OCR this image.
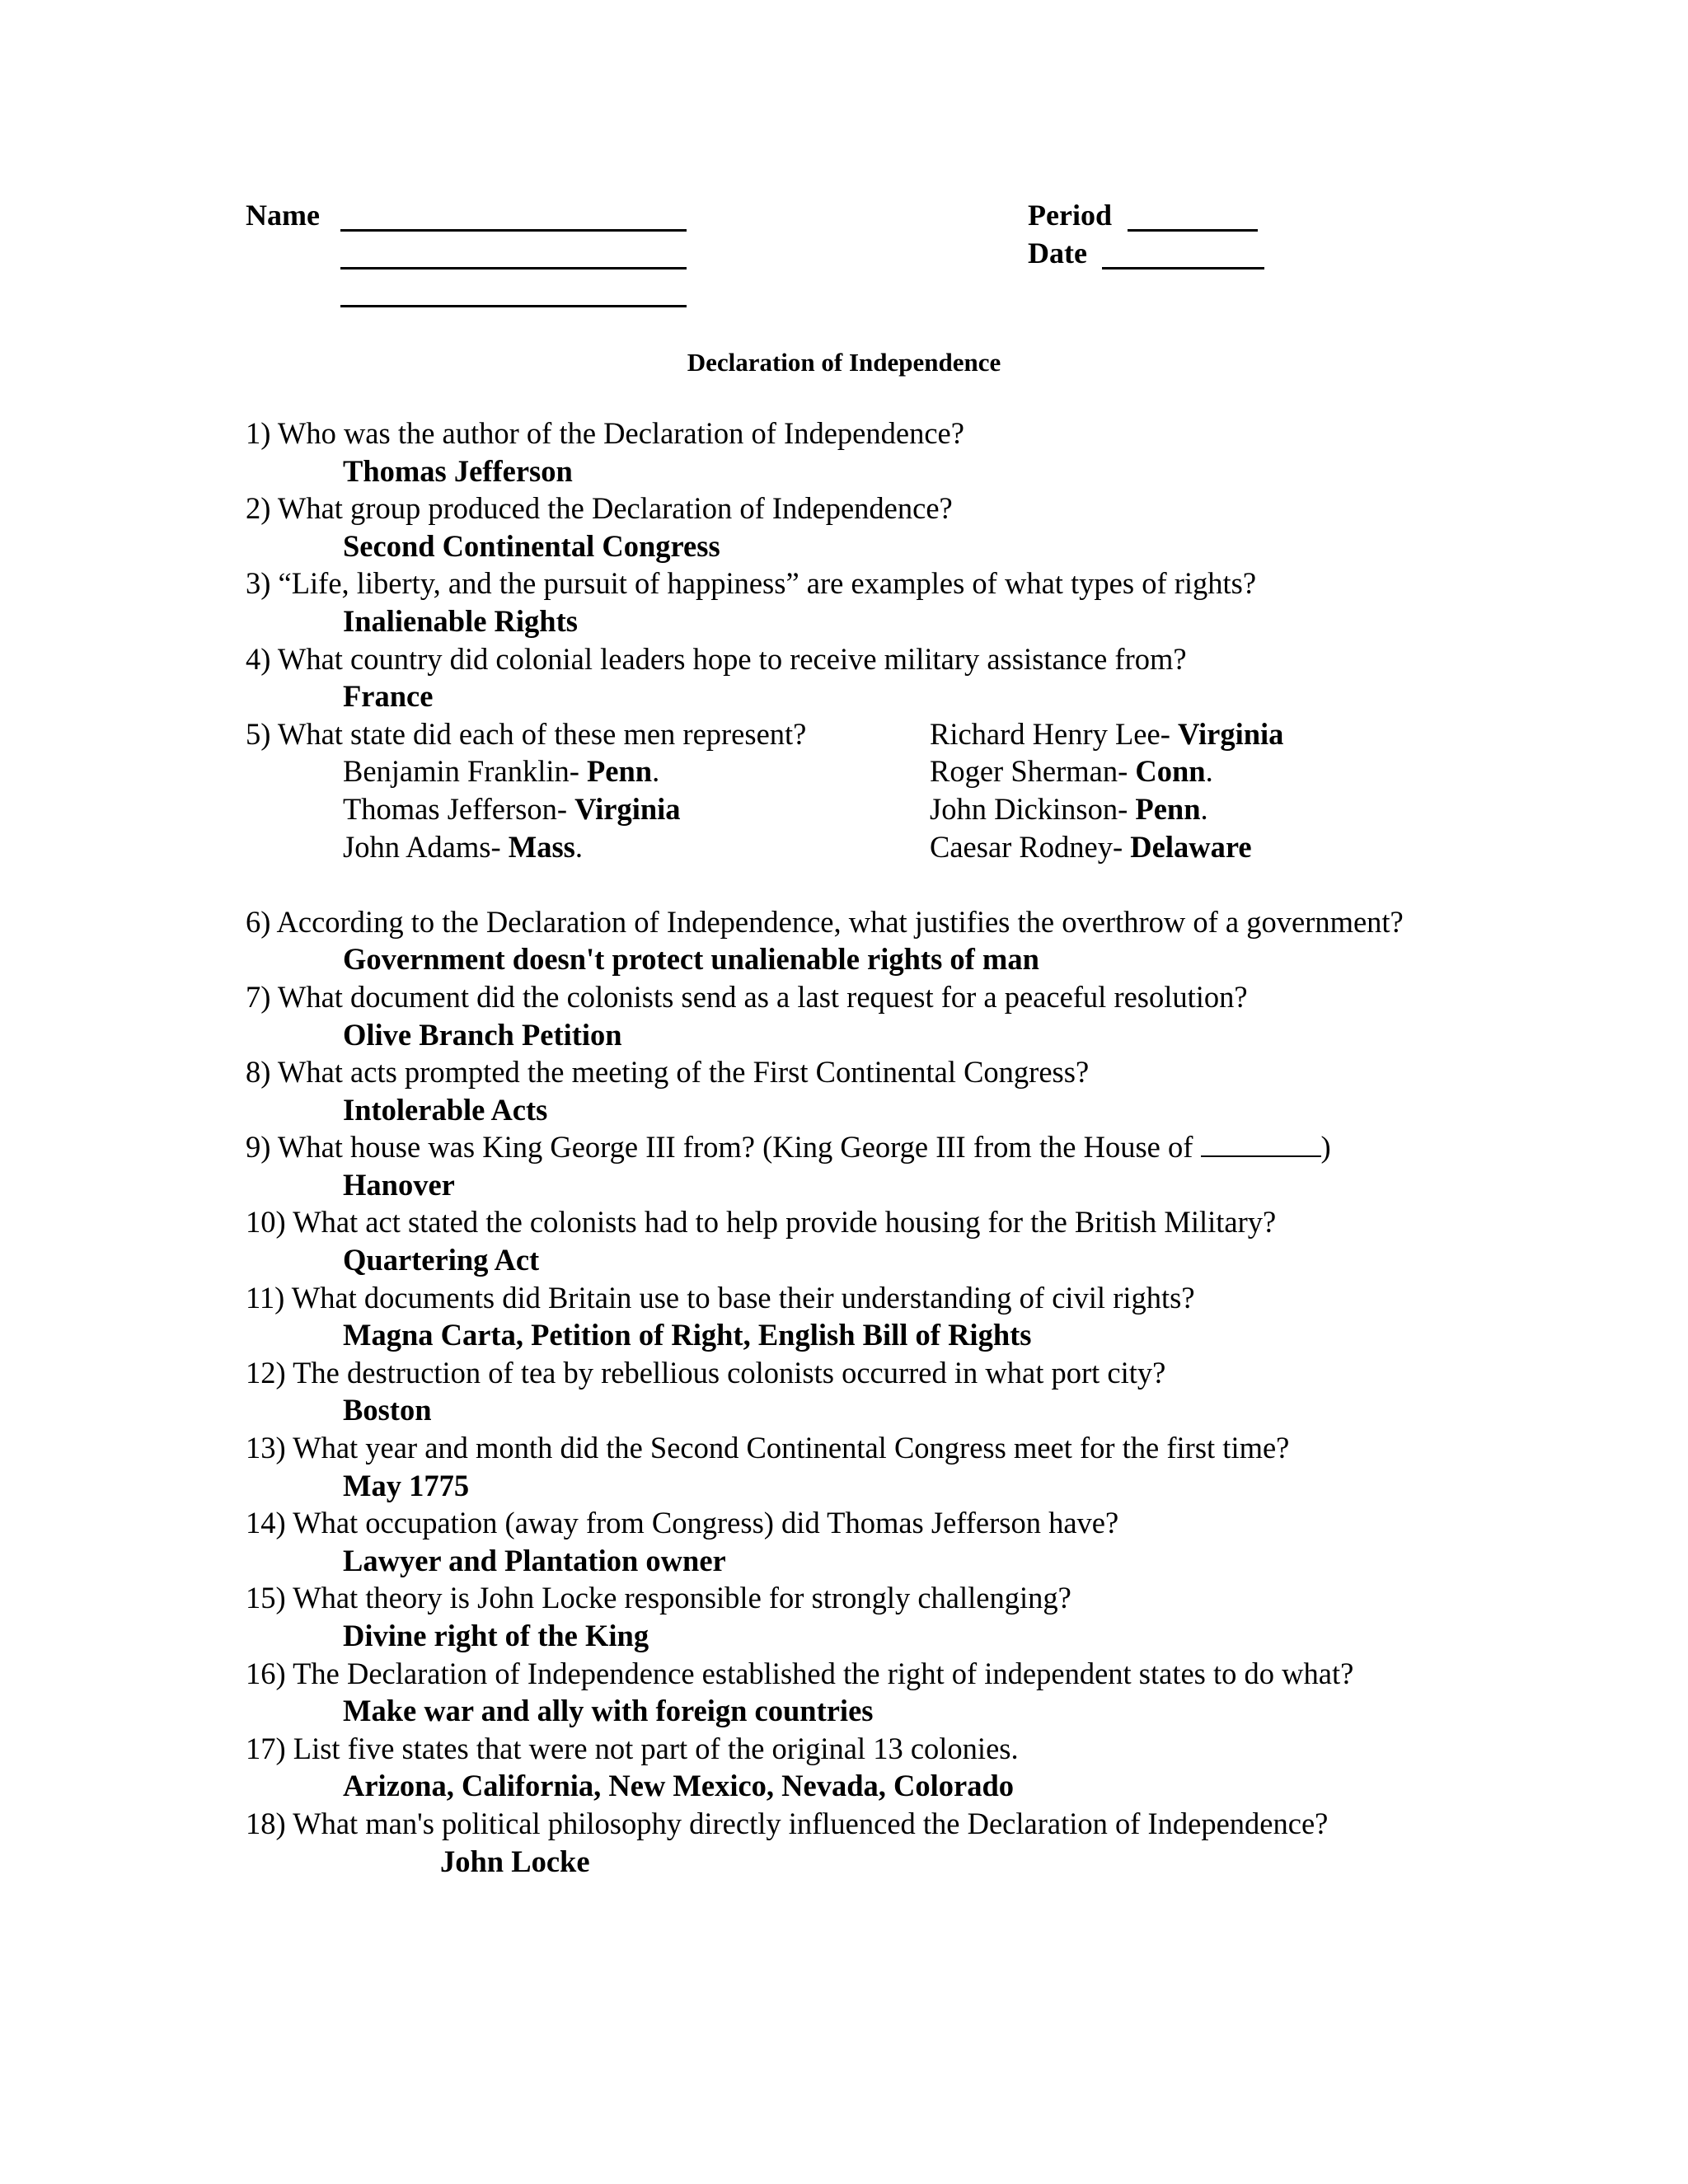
Name	Period
Date
Declaration of Independence
1) Who was the author of the Declaration of Independence?
Thomas Jefferson
2) What group produced the Declaration of Independence?
Second Continental Congress
3) “Life, liberty, and the pursuit of happiness” are examples of what types of rights?
Inalienable Rights
4) What country did colonial leaders hope to receive military assistance from?
France
5) What state did each of these men represent?
Benjamin Franklin- Penn.
Thomas Jefferson- Virginia
John Adams- Mass.
Richard Henry Lee- Virginia
Roger Sherman- Conn.
John Dickinson- Penn.
Caesar Rodney- Delaware
6) According to the Declaration of Independence, what justifies the overthrow of a government?
Government doesn't protect unalienable rights of man
7) What document did the colonists send as a last request for a peaceful resolution?
Olive Branch Petition
8) What acts prompted the meeting of the First Continental Congress?
Intolerable Acts
9) What house was King George III from? (King George III from the House of	)
Hanover
10) What act stated the colonists had to help provide housing for the British Military?
Quartering Act
11) What documents did Britain use to base their understanding of civil rights?
Magna Carta, Petition of Right, English Bill of Rights
12) The destruction of tea by rebellious colonists occurred in what port city?
Boston
13) What year and month did the Second Continental Congress meet for the first time?
May 1775
14) What occupation (away from Congress) did Thomas Jefferson have?
Lawyer and Plantation owner
15) What theory is John Locke responsible for strongly challenging?
Divine right of the King
16) The Declaration of Independence established the right of independent states to do what?
Make war and ally with foreign countries
17) List five states that were not part of the original 13 colonies.
Arizona, California, New Mexico, Nevada, Colorado
18) What man's political philosophy directly influenced the Declaration of Independence?
John Locke
